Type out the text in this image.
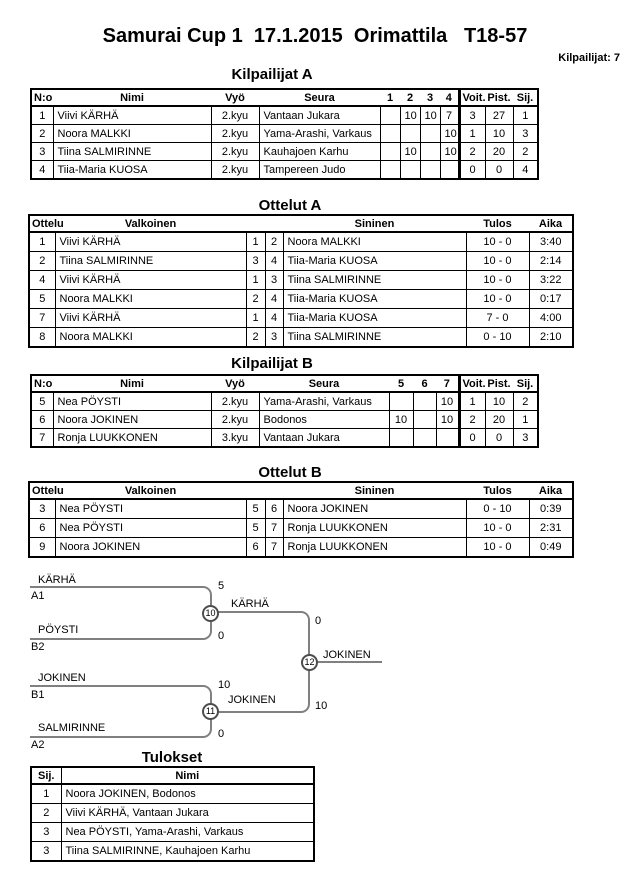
Samurai Cup 1  17.1.2015  Orimattila   T18-57
Kilpailijat: 7
Kilpailijat A
N:o	Nimi	Vyö	Seura	1	2	3	4	Voit.	Pist.	Sij.
1	Viivi KÄRHÄ	2.kyu	Vantaan Jukara		10	10	7	3	27	1
2	Noora MALKKI	2.kyu	Yama-Arashi, Varkaus				10	1	10	3
3	Tiina SALMIRINNE	2.kyu	Kauhajoen Karhu		10		10	2	20	2
4	Tiia-Maria KUOSA	2.kyu	Tampereen Judo					0	0	4
Ottelut A
Ottelu	Valkoinen			Sininen	Tulos	Aika
1	Viivi KÄRHÄ	1	2	Noora MALKKI	10 - 0	3:40
2	Tiina SALMIRINNE	3	4	Tiia-Maria KUOSA	10 - 0	2:14
4	Viivi KÄRHÄ	1	3	Tiina SALMIRINNE	10 - 0	3:22
5	Noora MALKKI	2	4	Tiia-Maria KUOSA	10 - 0	0:17
7	Viivi KÄRHÄ	1	4	Tiia-Maria KUOSA	7 - 0	4:00
8	Noora MALKKI	2	3	Tiina SALMIRINNE	0 - 10	2:10
Kilpailijat B
N:o	Nimi	Vyö	Seura	5	6	7	Voit.	Pist.	Sij.
5	Nea PÖYSTI	2.kyu	Yama-Arashi, Varkaus			10	1	10	2
6	Noora JOKINEN	2.kyu	Bodonos	10		10	2	20	1
7	Ronja LUUKKONEN	3.kyu	Vantaan Jukara				0	0	3
Ottelut B
Ottelu	Valkoinen			Sininen	Tulos	Aika
3	Nea PÖYSTI	5	6	Noora JOKINEN	0 - 10	0:39
6	Nea PÖYSTI	5	7	Ronja LUUKKONEN	10 - 0	2:31
9	Noora JOKINEN	6	7	Ronja LUUKKONEN	10 - 0	0:49
KÄRHÄ
A1
PÖYSTI
B2
5
0
KÄRHÄ
0
JOKINEN
B1
SALMIRINNE
A2
10
0
JOKINEN	10
JOKINEN
10
11
12
Tulokset
Sij.	Nimi
1	Noora JOKINEN, Bodonos
2	Viivi KÄRHÄ, Vantaan Jukara
3	Nea PÖYSTI, Yama-Arashi, Varkaus
3	Tiina SALMIRINNE, Kauhajoen Karhu
